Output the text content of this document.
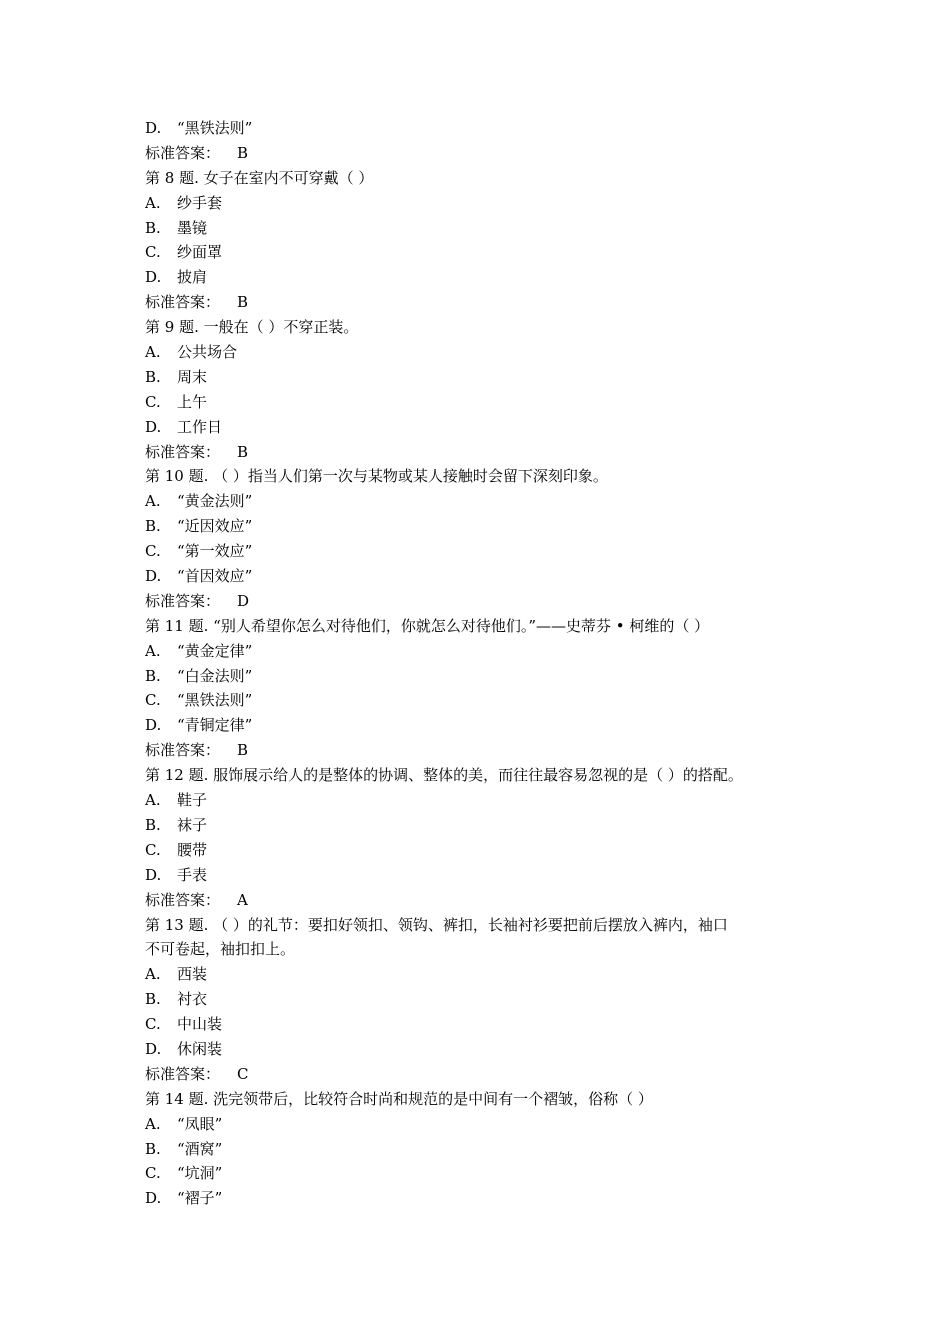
D. “黑铁法则”
标准答案： B
第 8 题. 女子在室内不可穿戴（ ）
A. 纱手套
B. 墨镜
C. 纱面罩
D. 披肩
标准答案： B
第 9 题. 一般在（ ）不穿正装。
A. 公共场合
B. 周末
C. 上午
D. 工作日
标准答案： B
第 10 题. （ ）指当人们第一次与某物或某人接触时会留下深刻印象。
A. “黄金法则”
B. “近因效应”
C. “第一效应”
D. “首因效应”
标准答案： D
第 11 题. “别人希望你怎么对待他们，你就怎么对待他们。”——史蒂芬 • 柯维的（ ）
A. “黄金定律”
B. “白金法则”
C. “黑铁法则”
D. “青铜定律”
标准答案： B
第 12 题. 服饰展示给人的是整体的协调、整体的美，而往往最容易忽视的是（ ）的搭配。
A. 鞋子
B. 袜子
C. 腰带
D. 手表
标准答案： A
第 13 题. （ ）的礼节：要扣好领扣、领钩、裤扣，长袖衬衫要把前后摆放入裤内，袖口
不可卷起，袖扣扣上。
A. 西装
B. 衬衣
C. 中山装
D. 休闲装
标准答案： C
第 14 题. 洗完领带后，比较符合时尚和规范的是中间有一个褶皱，俗称（ ）
A. “凤眼”
B. “酒窝”
C. “坑洞”
D. “褶子”
